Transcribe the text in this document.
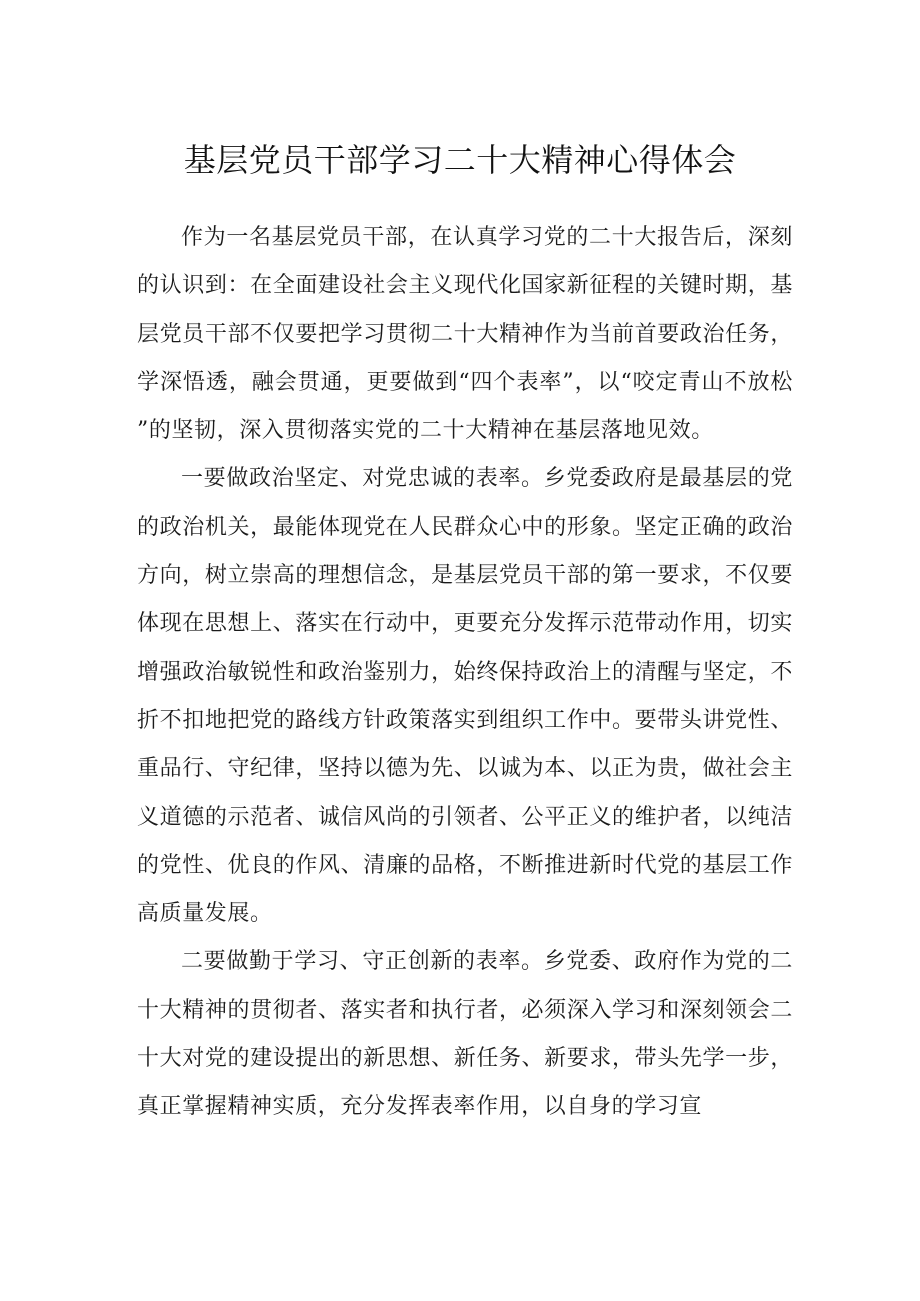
基层党员干部学习二十大精神心得体会

作为一名基层党员干部，在认真学习党的二十大报告后，深刻的认识到：在全面建设社会主义现代化国家新征程的关键时期，基层党员干部不仅要把学习贯彻二十大精神作为当前首要政治任务，学深悟透，融会贯通，更要做到“四个表率”，以“咬定青山不放松”的坚韧，深入贯彻落实党的二十大精神在基层落地见效。

一要做政治坚定、对党忠诚的表率。乡党委政府是最基层的党的政治机关，最能体现党在人民群众心中的形象。坚定正确的政治方向，树立崇高的理想信念，是基层党员干部的第一要求，不仅要体现在思想上、落实在行动中，更要充分发挥示范带动作用，切实增强政治敏锐性和政治鉴别力，始终保持政治上的清醒与坚定，不折不扣地把党的路线方针政策落实到组织工作中。要带头讲党性、重品行、守纪律，坚持以德为先、以诚为本、以正为贵，做社会主义道德的示范者、诚信风尚的引领者、公平正义的维护者，以纯洁的党性、优良的作风、清廉的品格，不断推进新时代党的基层工作高质量发展。

二要做勤于学习、守正创新的表率。乡党委、政府作为党的二十大精神的贯彻者、落实者和执行者，必须深入学习和深刻领会二十大对党的建设提出的新思想、新任务、新要求，带头先学一步，真正掌握精神实质，充分发挥表率作用，以自身的学习宣
